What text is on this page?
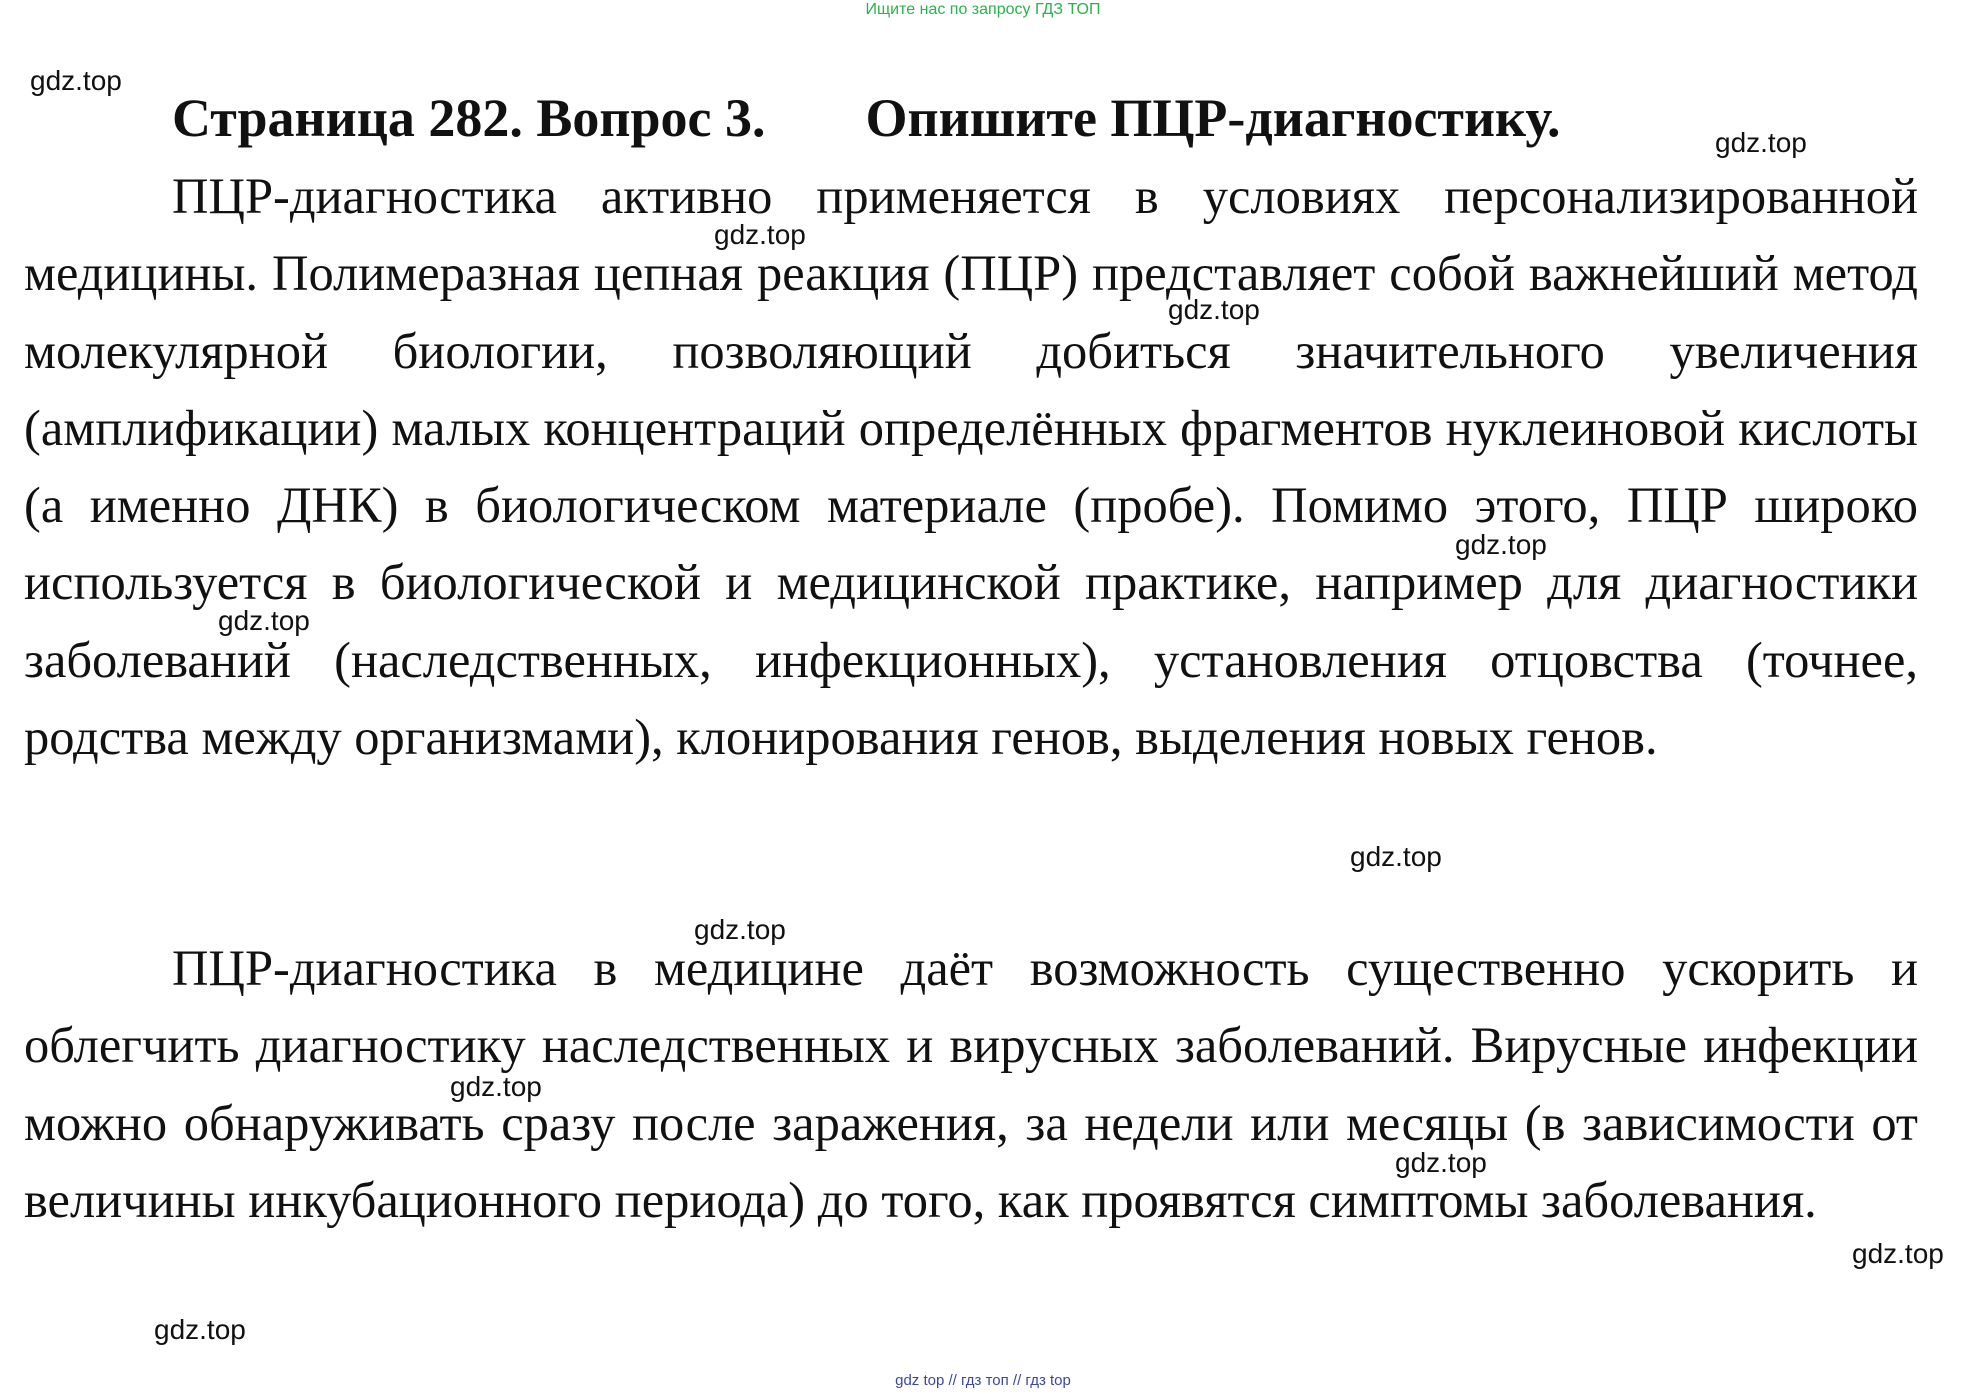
Ищите нас по запросу ГДЗ ТОП
Страница 282. Вопрос 3. Опишите ПЦР-диагностику.

ПЦР-диагностика активно применяется в условиях персонализированной медицины. Полимеразная цепная реакция (ПЦР) представляет собой важнейший метод молекулярной биологии, позволяющий добиться значительного увеличения (амплификации) малых концентраций определённых фрагментов нуклеиновой кислоты (а именно ДНК) в биологическом материале (пробе). Помимо этого, ПЦР широко используется в биологической и медицинской практике, например для диагностики заболеваний (наследственных, инфекционных), установления отцовства (точнее, родства между организмами), клонирования генов, выделения новых генов.

ПЦР-диагностика в медицине даёт возможность существенно ускорить и облегчить диагностику наследственных и вирусных заболеваний. Вирусные инфекции можно обнаруживать сразу после заражения, за недели или месяцы (в зависимости от величины инкубационного периода) до того, как проявятся симптомы заболевания.

gdz.top
gdz.top
gdz.top
gdz.top
gdz.top
gdz.top
gdz.top
gdz.top
gdz.top
gdz.top
gdz.top
gdz.top
gdz top // гдз топ // гдз top
